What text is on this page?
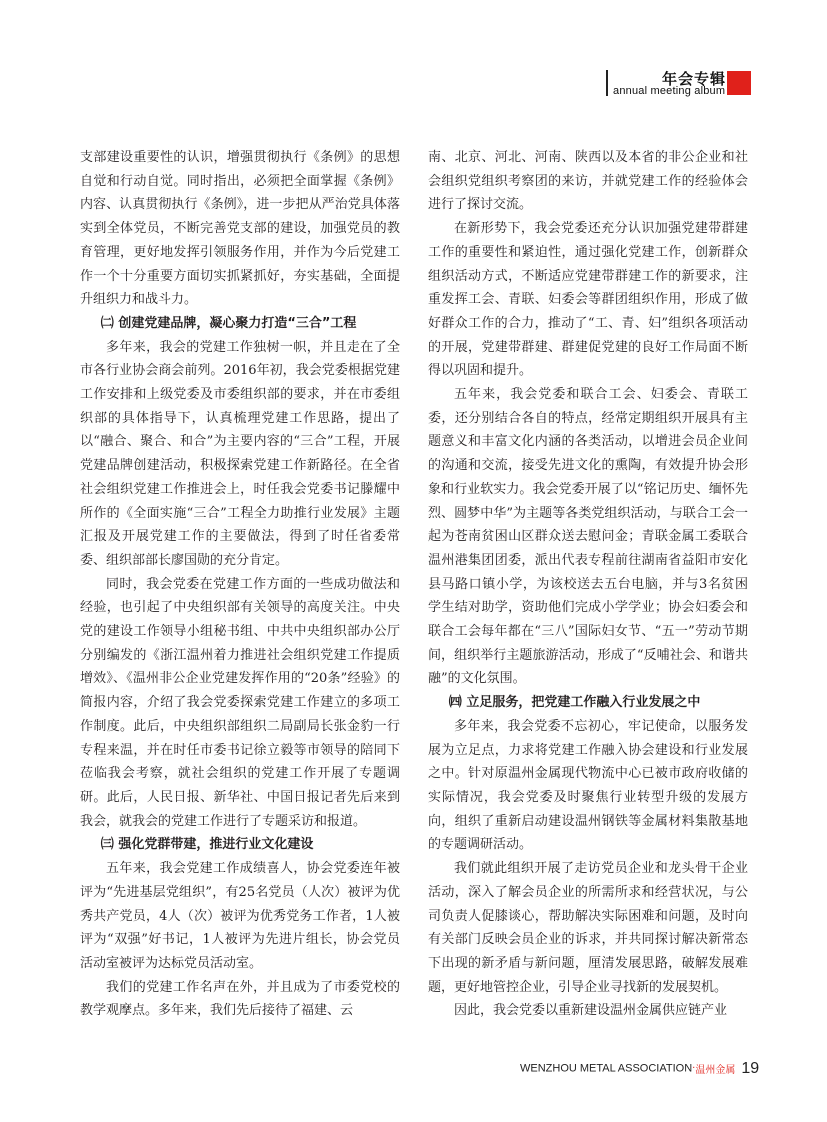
年会专辑
annual meeting album

支部建设重要性的认识，增强贯彻执行《条例》的思想自觉和行动自觉。同时指出，必须把全面掌握《条例》内容、认真贯彻执行《条例》，进一步把从严治党具体落实到全体党员，不断完善党支部的建设，加强党员的教育管理，更好地发挥引领服务作用，并作为今后党建工作一个十分重要方面切实抓紧抓好，夯实基础，全面提升组织力和战斗力。

㈡ 创建党建品牌，凝心聚力打造“三合”工程

多年来，我会的党建工作独树一帜，并且走在了全市各行业协会商会前列。2016年初，我会党委根据党建工作安排和上级党委及市委组织部的要求，并在市委组织部的具体指导下，认真梳理党建工作思路，提出了以“融合、聚合、和合”为主要内容的“三合”工程，开展党建品牌创建活动，积极探索党建工作新路径。在全省社会组织党建工作推进会上，时任我会党委书记滕耀中所作的《全面实施“三合”工程全力助推行业发展》主题汇报及开展党建工作的主要做法，得到了时任省委常委、组织部部长廖国勋的充分肯定。

同时，我会党委在党建工作方面的一些成功做法和经验，也引起了中央组织部有关领导的高度关注。中央党的建设工作领导小组秘书组、中共中央组织部办公厅分别编发的《浙江温州着力推进社会组织党建工作提质增效》、《温州非公企业党建发挥作用的“20条”经验》的简报内容，介绍了我会党委探索党建工作建立的多项工作制度。此后，中央组织部组织二局副局长张金豹一行专程来温，并在时任市委书记徐立毅等市领导的陪同下莅临我会考察，就社会组织的党建工作开展了专题调研。此后，人民日报、新华社、中国日报记者先后来到我会，就我会的党建工作进行了专题采访和报道。

㈢ 强化党群带建，推进行业文化建设

五年来，我会党建工作成绩喜人，协会党委连年被评为“先进基层党组织”，有25名党员（人次）被评为优秀共产党员，4人（次）被评为优秀党务工作者，1人被评为“双强”好书记，1人被评为先进片组长，协会党员活动室被评为达标党员活动室。

我们的党建工作名声在外，并且成为了市委党校的教学观摩点。多年来，我们先后接待了福建、云

南、北京、河北、河南、陕西以及本省的非公企业和社会组织党组织考察团的来访，并就党建工作的经验体会进行了探讨交流。

在新形势下，我会党委还充分认识加强党建带群建工作的重要性和紧迫性，通过强化党建工作，创新群众组织活动方式，不断适应党建带群建工作的新要求，注重发挥工会、青联、妇委会等群团组织作用，形成了做好群众工作的合力，推动了“工、青、妇”组织各项活动的开展，党建带群建、群建促党建的良好工作局面不断得以巩固和提升。

五年来，我会党委和联合工会、妇委会、青联工委，还分别结合各自的特点，经常定期组织开展具有主题意义和丰富文化内涵的各类活动，以增进会员企业间的沟通和交流，接受先进文化的熏陶，有效提升协会形象和行业软实力。我会党委开展了以“铭记历史、缅怀先烈、圆梦中华”为主题等各类党组织活动，与联合工会一起为苍南贫困山区群众送去慰问金；青联金属工委联合温州港集团团委，派出代表专程前往湖南省益阳市安化县马路口镇小学，为该校送去五台电脑，并与3名贫困学生结对助学，资助他们完成小学学业；协会妇委会和联合工会每年都在“三八”国际妇女节、“五一”劳动节期间，组织举行主题旅游活动，形成了“反哺社会、和谐共融”的文化氛围。

㈣ 立足服务，把党建工作融入行业发展之中

多年来，我会党委不忘初心，牢记使命，以服务发展为立足点，力求将党建工作融入协会建设和行业发展之中。针对原温州金属现代物流中心已被市政府收储的实际情况，我会党委及时聚焦行业转型升级的发展方向，组织了重新启动建设温州钢铁等金属材料集散基地的专题调研活动。

我们就此组织开展了走访党员企业和龙头骨干企业活动，深入了解会员企业的所需所求和经营状况，与公司负责人促膝谈心，帮助解决实际困难和问题，及时向有关部门反映会员企业的诉求，并共同探讨解决新常态下出现的新矛盾与新问题，厘清发展思路，破解发展难题，更好地管控企业，引导企业寻找新的发展契机。

因此，我会党委以重新建设温州金属供应链产业

WENZHOU METAL ASSOCIATION·温州金属 19
